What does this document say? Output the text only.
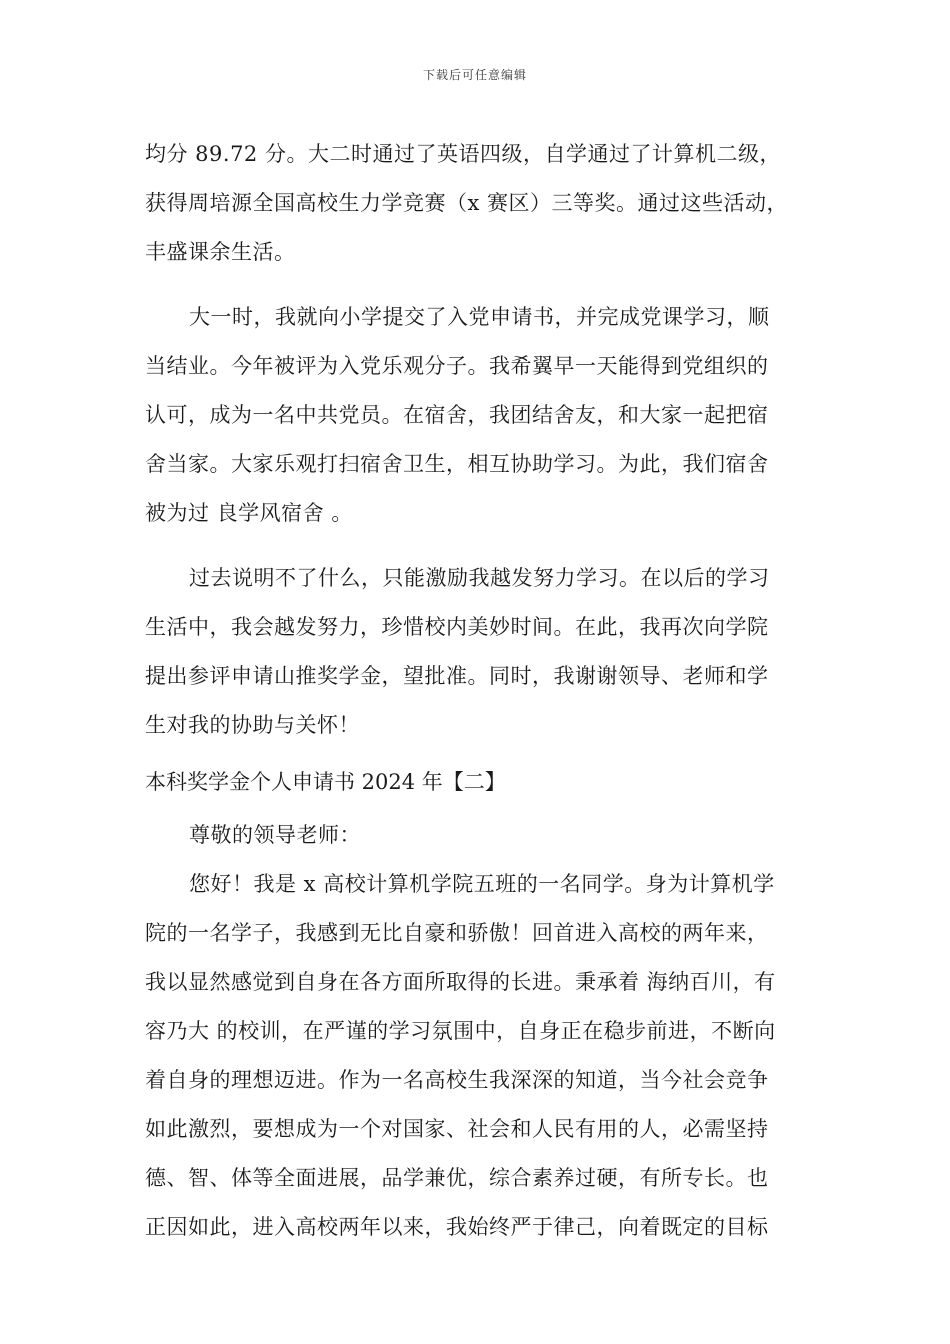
下载后可任意编辑
均分 89.72 分。大二时通过了英语四级，自学通过了计算机二级，
获得周培源全国高校生力学竞赛（x 赛区）三等奖。通过这些活动，
丰盛课余生活。
大一时，我就向小学提交了入党申请书，并完成党课学习，顺
当结业。今年被评为入党乐观分子。我希翼早一天能得到党组织的
认可，成为一名中共党员。在宿舍，我团结舍友，和大家一起把宿
舍当家。大家乐观打扫宿舍卫生，相互协助学习。为此，我们宿舍
被为过 良学风宿舍 。
过去说明不了什么，只能激励我越发努力学习。在以后的学习
生活中，我会越发努力，珍惜校内美妙时间。在此，我再次向学院
提出参评申请山推奖学金，望批准。同时，我谢谢领导、老师和学
生对我的协助与关怀！
本科奖学金个人申请书 2024 年【二】
尊敬的领导老师：
您好！我是 x 高校计算机学院五班的一名同学。身为计算机学
院的一名学子，我感到无比自豪和骄傲！回首进入高校的两年来，
我以显然感觉到自身在各方面所取得的长进。秉承着 海纳百川，有
容乃大 的校训，在严谨的学习氛围中，自身正在稳步前进，不断向
着自身的理想迈进。作为一名高校生我深深的知道，当今社会竞争
如此激烈，要想成为一个对国家、社会和人民有用的人，必需坚持
德、智、体等全面进展，品学兼优，综合素养过硬，有所专长。也
正因如此，进入高校两年以来，我始终严于律己，向着既定的目标
